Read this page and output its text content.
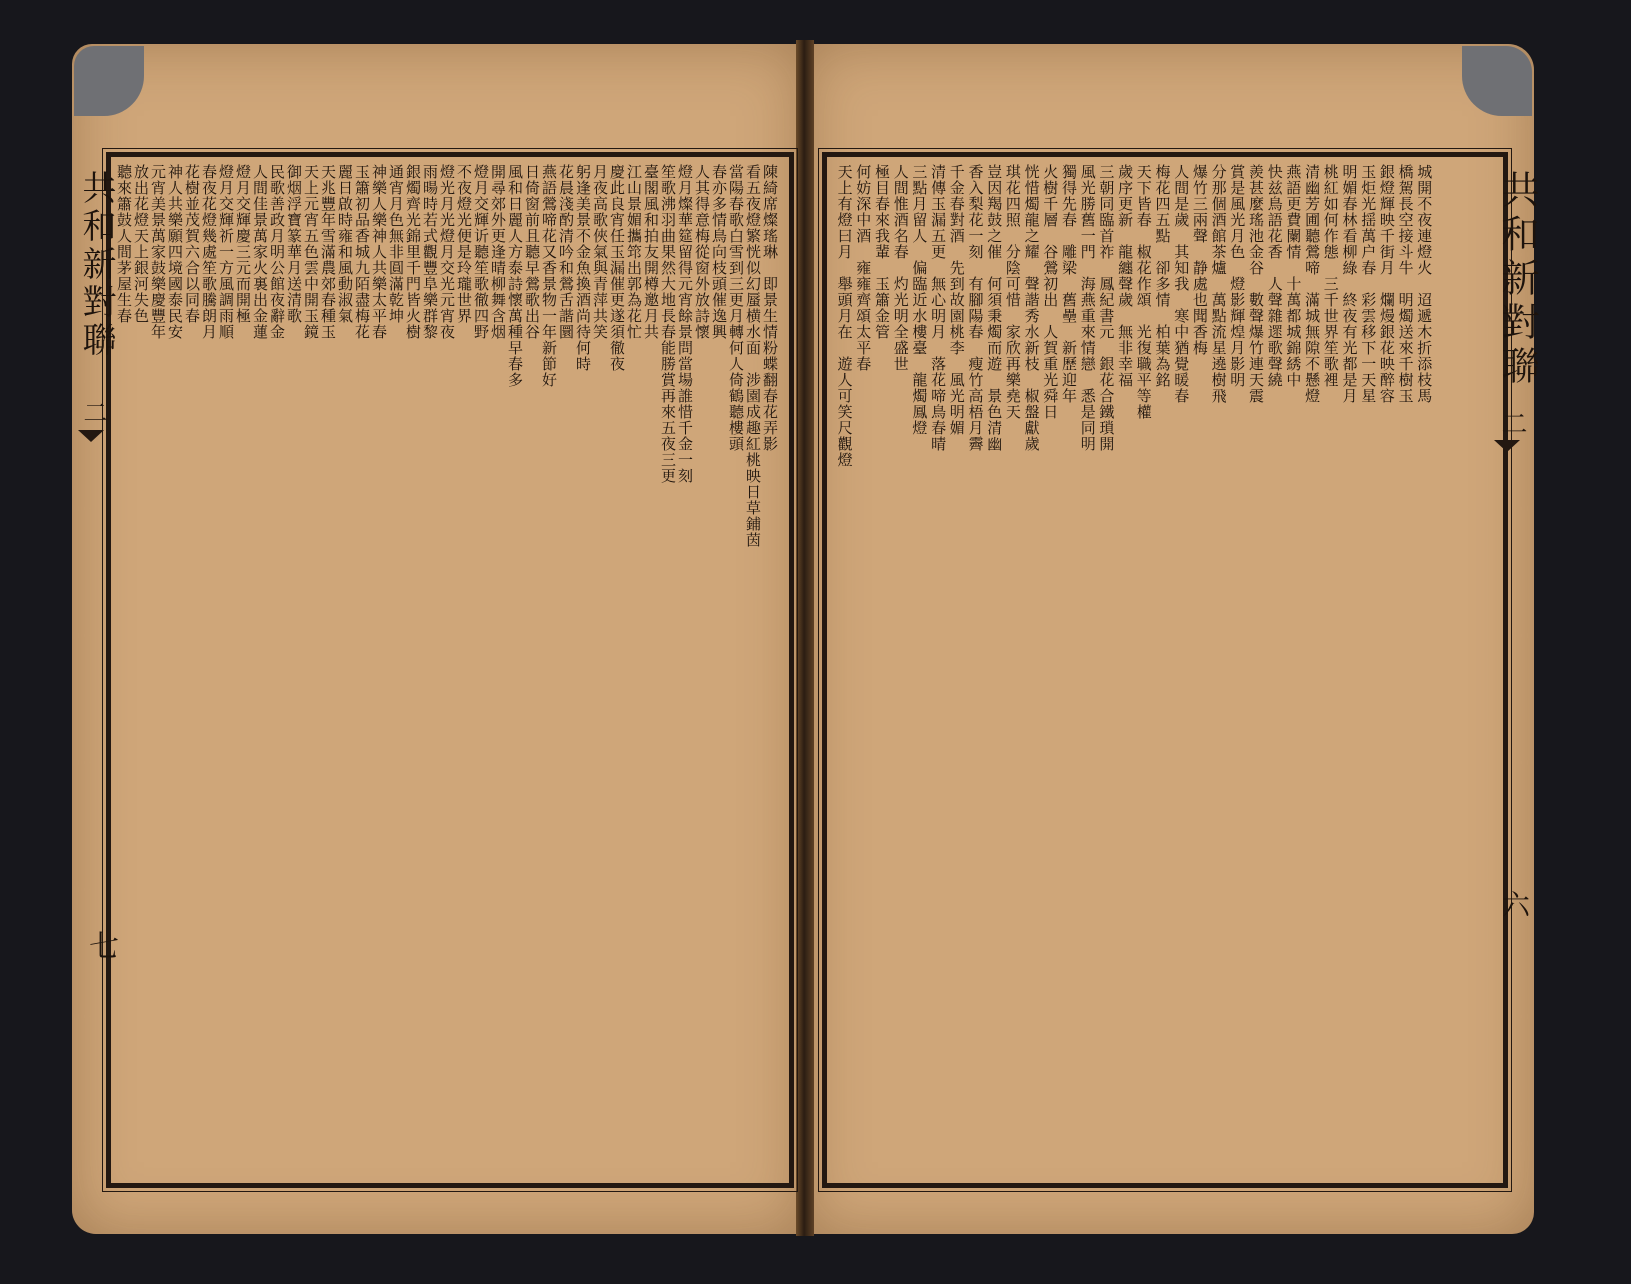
共和新對聯
二
六
共和新對聯
二
七
城開不夜連燈火　迢遞木折添枝馬
橋駕長空接斗牛　明燭送來千樹玉
銀燈輝映千街月　爛熳銀花映醉容
玉炬光揺萬户春　彩雲移下一天星
明媚春林看柳綠　終夜有光都是月
桃紅如何作態　三千世界笙歌裡
清幽芳圃聽鶯啼　滿城無隙不懸燈
燕語更費闌情　十萬都城錦綉中
快兹鳥語花香　人聲雜遝歌聲繞
羨甚麼瑤池金谷　數聲爆竹連天震
賞是風光月色　燈影輝煌月影明
分那個酒館茶爐　萬點流星遶樹飛
爆竹三兩聲　静處也聞香梅
人間是歲　其知我　寒中猶覺暖春
梅花四五點　卻多情　柏葉為銘
天下皆春　椒花作頌　光復職平等權
歲序更新　龍纏聲歲　無非幸福
三朝同臨首祚　鳳紀書元　銀花合鐵瑣開
風光勝舊一門　海燕重來情戀　悉是同明
獨得先春　雕梁　舊壘　新歷迎年
火樹千層　谷鶯初出　人賀重光舜日
恍惜燭龍之耀　聲諧秀水新枝　椒盤獻歲
琪花四照　分陰可惜　家欣再樂堯天
豈因羯鼓之催　何須秉燭而遊　景色清幽
香入梨花一刻　有腳陽春　瘦竹高梧月霽
千金春對酒　先到故園桃李　風光明媚
清傳玉漏五更　無心明月　落花啼鳥春晴
三點月留人　偏臨近水樓臺　龍燭鳳燈
人間惟酒名春　灼光明全盛世
極目春來我輩　玉簫金管
何妨深中酒　雍雍齊頌太平春
天上有燈曰月　舉頭月在　遊人可笑尺觀燈
陳綺席燦瑤琳　即景生情粉蝶翻春花弄影
看五夜燈繁恍似幻蜃横水面　涉園成趣紅桃映日草鋪茵
當陽春歌白雪到三更月轉何人倚鶴聽樓頭
春亦多情鳥向枝頭催逸興
人其得意梅從窗外放詩懷
燈月燦華筵留得元宵餘景問當場誰惜千金一刻
笙歌沸羽曲果然大地長春能勝賞再來五夜三更
臺閣風和拍友開樽邀月共
江山景媚攜筇出郭為花忙
慶此良宵任玉漏催更遂須徹夜
月夜高歌俠氣與青萍共笑
躬逢美景不金魚換酒尚待何時
花晨淺酌清吟和鶯舌諧圜
燕語鶯啼花又香景物一年新節好
日倚窗前且聽早鶯歌出谷
風和日麗人方泰詩懷萬種早春多
開尋郊外更逢晴柳舞含烟
燈月交輝䜣聽笙歌徹四野
不夜燈光便是玲瓏世界
燈光月光燈月交光元宵夜
雨暘時若式觀豐阜樂群黎
銀燭齊光錦里千門皆火樹
通宵月色無非圓滿乾坤
神樂人樂神人共樂太平春
玉簫初品香城九陌盡梅花
麗日啟時雍和風動淑氣
天兆豐年雪滿農郊春種玉
天上元宵五色雲中開玉鏡
御烟浮寶篆華月送清歌
民歌善政月明公館夜辭金
人間佳景萬家火裏出金蓮
燈月交輝慶三元而開極
燈月交輝祈一方風調雨順
春夜花燈幾處笙歌騰朗月
花樹並茂賀六合以同春
神人共樂願四境國泰民安
元宵美景萬家鼓樂慶豐年
放出花燈天上銀河失色
聽來簫鼓人間茅屋生春
